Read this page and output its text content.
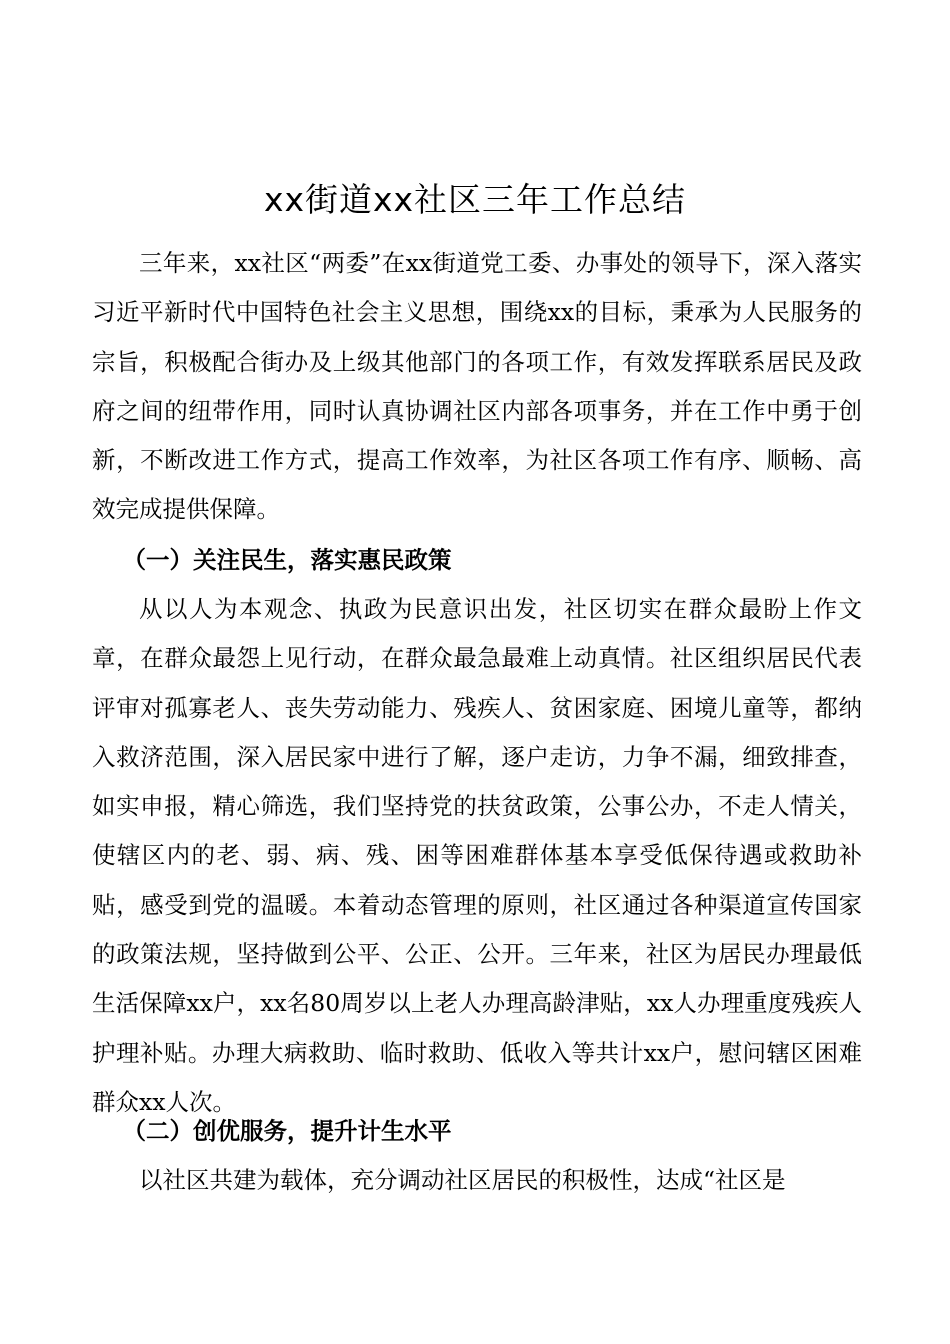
xx街道xx社区三年工作总结

三年来，xx社区“两委”在xx街道党工委、办事处的领导下，深入落实习近平新时代中国特色社会主义思想，围绕xx的目标，秉承为人民服务的宗旨，积极配合街办及上级其他部门的各项工作，有效发挥联系居民及政府之间的纽带作用，同时认真协调社区内部各项事务，并在工作中勇于创新，不断改进工作方式，提高工作效率，为社区各项工作有序、顺畅、高效完成提供保障。

（一）关注民生，落实惠民政策

从以人为本观念、执政为民意识出发，社区切实在群众最盼上作文章，在群众最怨上见行动，在群众最急最难上动真情。社区组织居民代表评审对孤寡老人、丧失劳动能力、残疾人、贫困家庭、困境儿童等，都纳入救济范围，深入居民家中进行了解，逐户走访，力争不漏，细致排查，如实申报，精心筛选，我们坚持党的扶贫政策，公事公办，不走人情关，使辖区内的老、弱、病、残、困等困难群体基本享受低保待遇或救助补贴，感受到党的温暖。本着动态管理的原则，社区通过各种渠道宣传国家的政策法规，坚持做到公平、公正、公开。三年来，社区为居民办理最低生活保障xx户，xx名80周岁以上老人办理高龄津贴，xx人办理重度残疾人护理补贴。办理大病救助、临时救助、低收入等共计xx户，慰问辖区困难群众xx人次。

（二）创优服务，提升计生水平

以社区共建为载体，充分调动社区居民的积极性，达成“社区是
